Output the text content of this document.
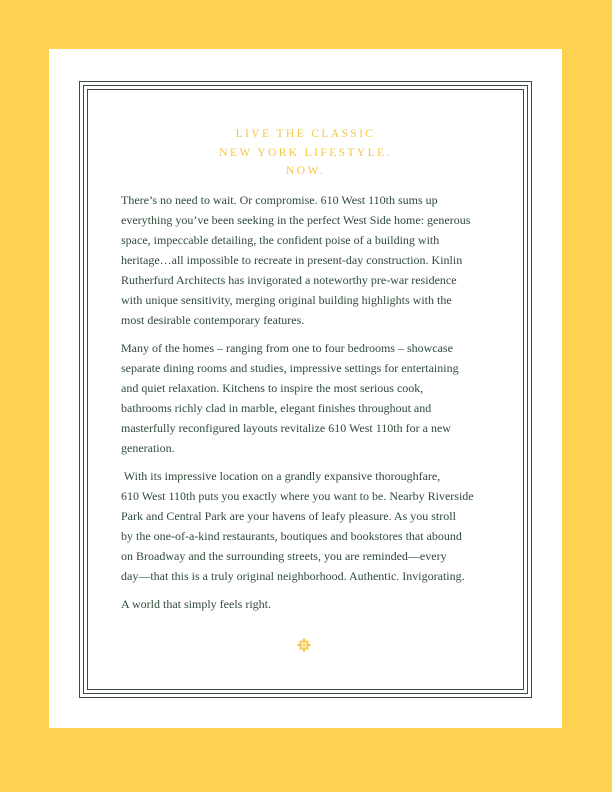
LIVE THE CLASSIC
NEW YORK LIFESTYLE.
NOW.
There’s no need to wait. Or compromise. 610 West 110th sums up
everything you’ve been seeking in the perfect West Side home: generous
space, impeccable detailing, the confident poise of a building with
heritage…all impossible to recreate in present-day construction. Kinlin
Rutherfurd Architects has invigorated a noteworthy pre-war residence
with unique sensitivity, merging original building highlights with the
most desirable contemporary features.
Many of the homes – ranging from one to four bedrooms – showcase
separate dining rooms and studies, impressive settings for entertaining
and quiet relaxation. Kitchens to inspire the most serious cook,
bathrooms richly clad in marble, elegant finishes throughout and
masterfully reconfigured layouts revitalize 610 West 110th for a new
generation.
With its impressive location on a grandly expansive thoroughfare,
610 West 110th puts you exactly where you want to be. Nearby Riverside
Park and Central Park are your havens of leafy pleasure. As you stroll
by the one-of-a-kind restaurants, boutiques and bookstores that abound
on Broadway and the surrounding streets, you are reminded—every
day—that this is a truly original neighborhood. Authentic. Invigorating.
A world that simply feels right.
